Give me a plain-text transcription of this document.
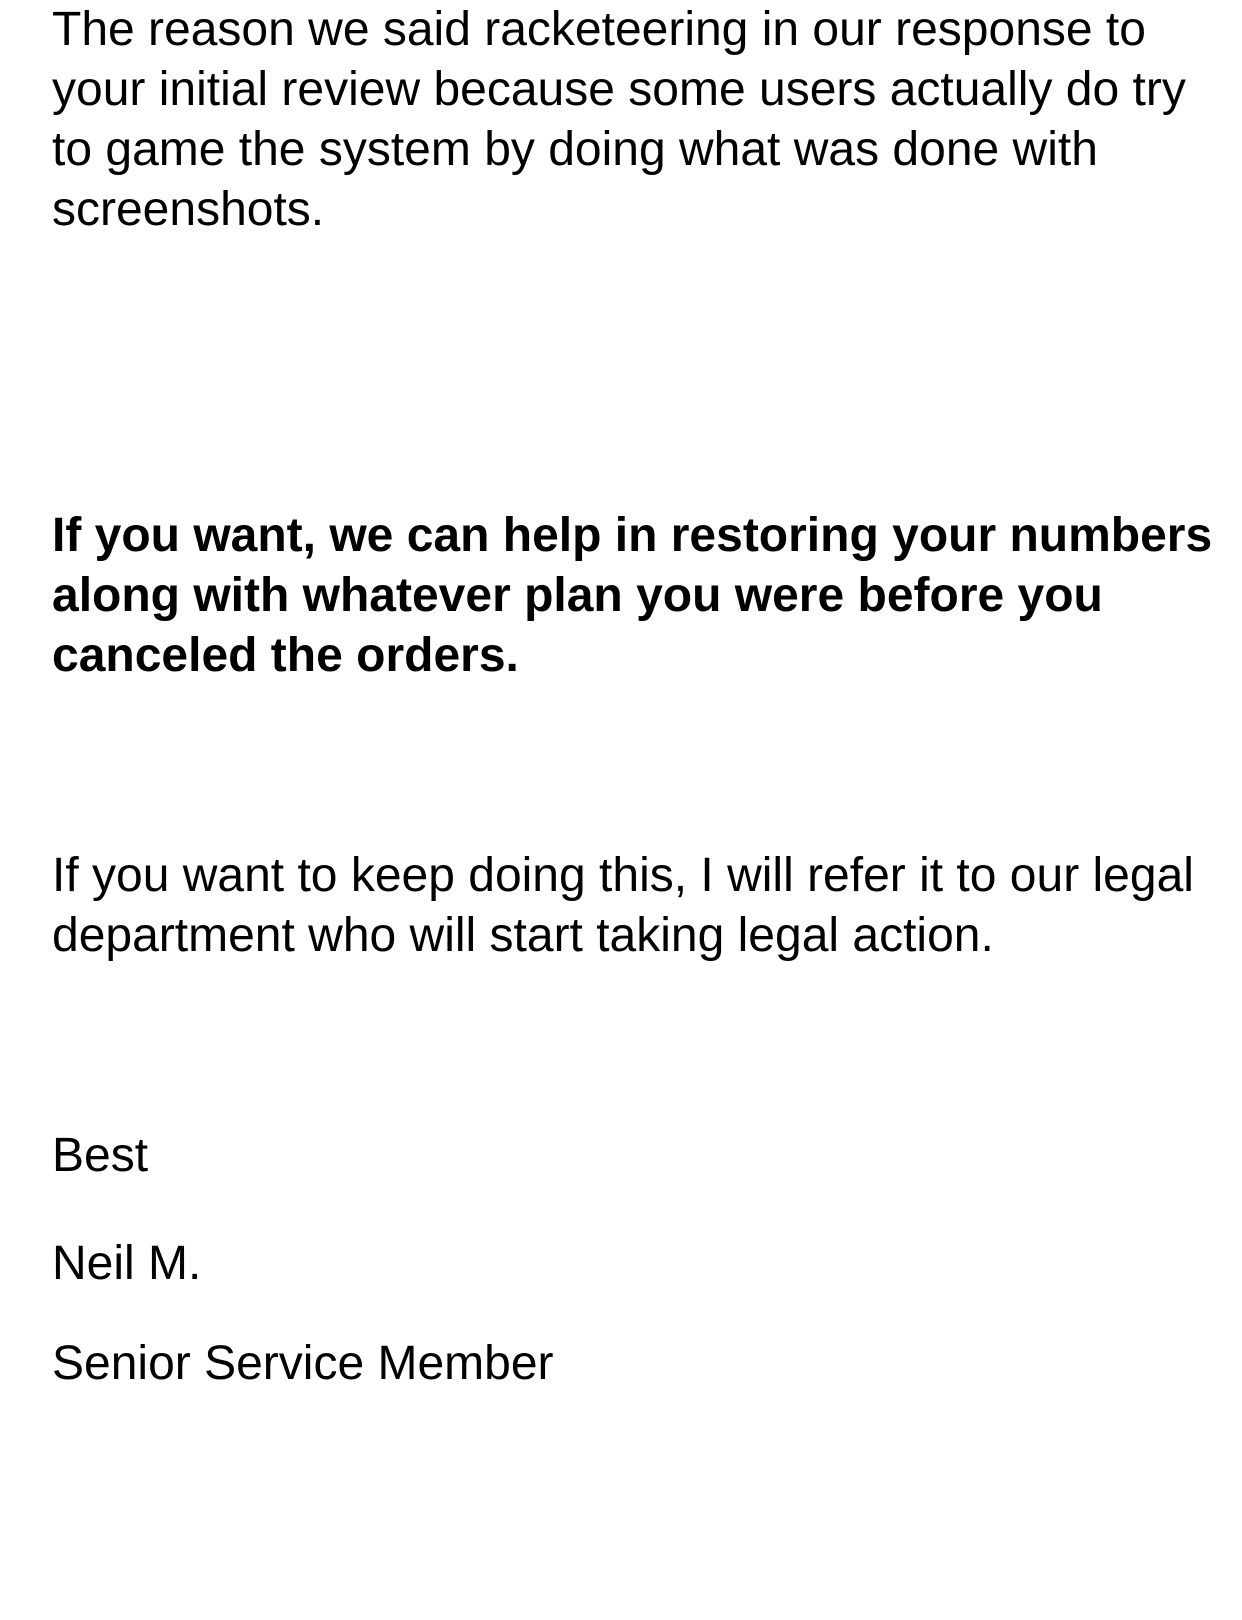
The reason we said racketeering in our response to your initial review because some users actually do try to game the system by doing what was done with screenshots.

If you want, we can help in restoring your numbers along with whatever plan you were before you canceled the orders.

If you want to keep doing this, I will refer it to our legal department who will start taking legal action.

Best

Neil M.

Senior Service Member
